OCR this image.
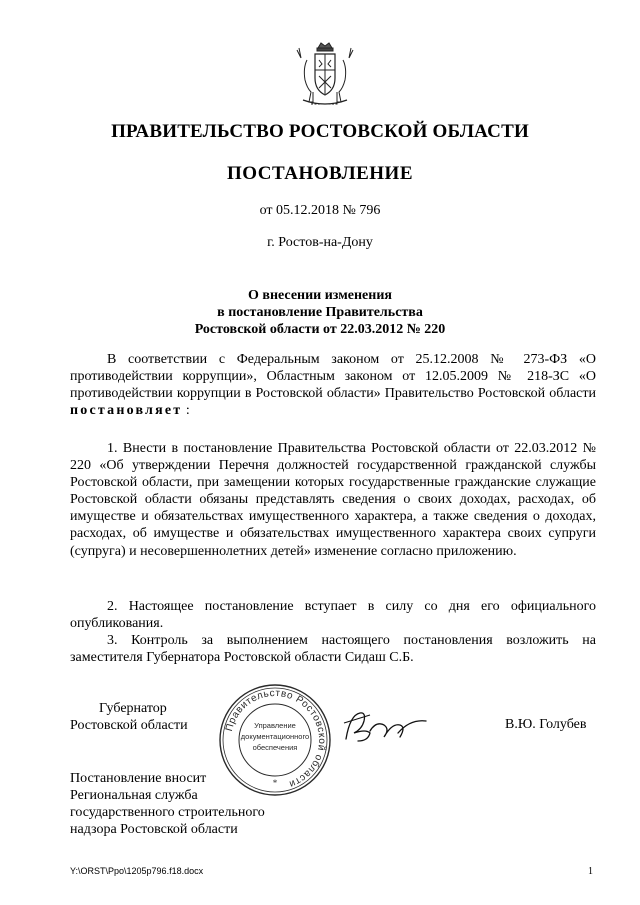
ПРАВИТЕЛЬСТВО РОСТОВСКОЙ ОБЛАСТИ
ПОСТАНОВЛЕНИЕ
от 05.12.2018 № 796
г. Ростов-на-Дону
О внесении изменения
в постановление Правительства
Ростовской области от 22.03.2012 № 220

В соответствии с Федеральным законом от 25.12.2008 № 273-ФЗ «О противодействии коррупции», Областным законом от 12.05.2009 № 218-ЗС «О противодействии коррупции в Ростовской области» Правительство Ростовской области постановляет :

1. Внести в постановление Правительства Ростовской области от 22.03.2012 № 220 «Об утверждении Перечня должностей государственной гражданской службы Ростовской области, при замещении которых государственные гражданские служащие Ростовской области обязаны представлять сведения о своих доходах, расходах, об имуществе и обязательствах имущественного характера, а также сведения о доходах, расходах, об имуществе и обязательствах имущественного характера своих супруги (супруга) и несовершеннолетних детей» изменение согласно приложению.

2. Настоящее постановление вступает в силу со дня его официального опубликования.

3. Контроль за выполнением настоящего постановления возложить на заместителя Губернатора Ростовской области Сидаш С.Б.

Губернатор
Ростовской области	Правительство Ростовской области
Управление
документационного
обеспечения
*
В.Ю. Голубев
Постановление вносит
Региональная служба
государственного строительного
надзора Ростовской области
Y:\ORST\Ppo\1205p796.f18.docx	1
